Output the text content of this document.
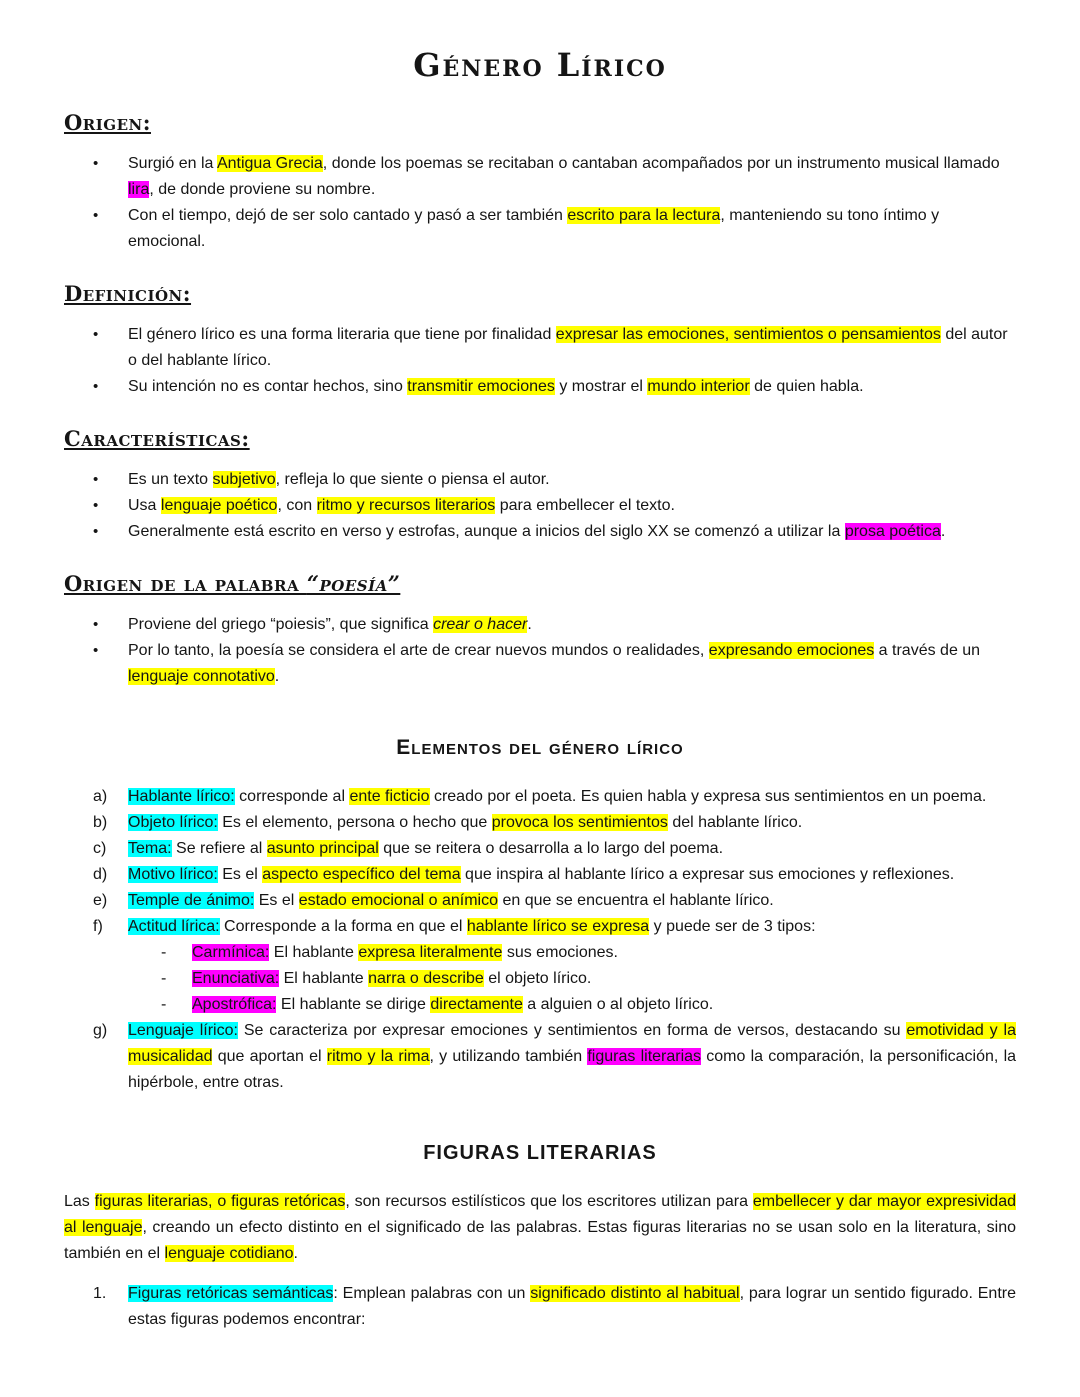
Género Lírico
Origen:
• Surgió en la Antigua Grecia, donde los poemas se recitaban o cantaban acompañados por un instrumento musical llamado lira, de donde proviene su nombre.
• Con el tiempo, dejó de ser solo cantado y pasó a ser también escrito para la lectura, manteniendo su tono íntimo y emocional.
Definición:
• El género lírico es una forma literaria que tiene por finalidad expresar las emociones, sentimientos o pensamientos del autor o del hablante lírico.
• Su intención no es contar hechos, sino transmitir emociones y mostrar el mundo interior de quien habla.
Características:
• Es un texto subjetivo, refleja lo que siente o piensa el autor.
• Usa lenguaje poético, con ritmo y recursos literarios para embellecer el texto.
• Generalmente está escrito en verso y estrofas, aunque a inicios del siglo XX se comenzó a utilizar la prosa poética.
Origen de la palabra “poesía”
• Proviene del griego “poiesis”, que significa crear o hacer.
• Por lo tanto, la poesía se considera el arte de crear nuevos mundos o realidades, expresando emociones a través de un lenguaje connotativo.
Elementos del género lírico
a) Hablante lírico: corresponde al ente ficticio creado por el poeta. Es quien habla y expresa sus sentimientos en un poema.
b) Objeto lírico: Es el elemento, persona o hecho que provoca los sentimientos del hablante lírico.
c) Tema: Se refiere al asunto principal que se reitera o desarrolla a lo largo del poema.
d) Motivo lírico: Es el aspecto específico del tema que inspira al hablante lírico a expresar sus emociones y reflexiones.
e) Temple de ánimo: Es el estado emocional o anímico en que se encuentra el hablante lírico.
f) Actitud lírica: Corresponde a la forma en que el hablante lírico se expresa y puede ser de 3 tipos:
- Carmínica: El hablante expresa literalmente sus emociones.
- Enunciativa: El hablante narra o describe el objeto lírico.
- Apostrófica: El hablante se dirige directamente a alguien o al objeto lírico.
g) Lenguaje lírico: Se caracteriza por expresar emociones y sentimientos en forma de versos, destacando su emotividad y la musicalidad que aportan el ritmo y la rima, y utilizando también figuras literarias como la comparación, la personificación, la hipérbole, entre otras.
FIGURAS LITERARIAS

Las figuras literarias, o figuras retóricas, son recursos estilísticos que los escritores utilizan para embellecer y dar mayor expresividad al lenguaje, creando un efecto distinto en el significado de las palabras. Estas figuras literarias no se usan solo en la literatura, sino también en el lenguaje cotidiano.

1. Figuras retóricas semánticas: Emplean palabras con un significado distinto al habitual, para lograr un sentido figurado. Entre estas figuras podemos encontrar:
